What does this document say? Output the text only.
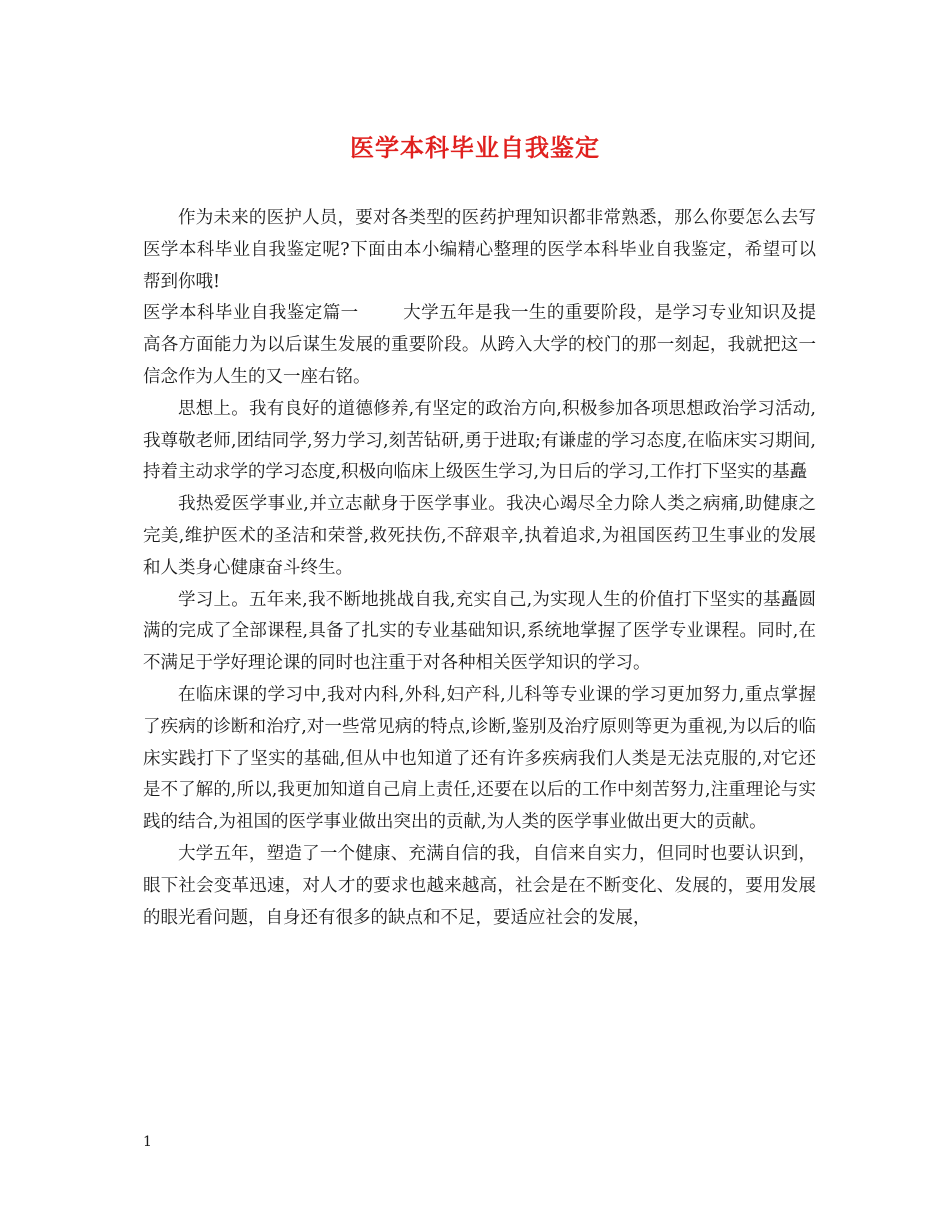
医学本科毕业自我鉴定

作为未来的医护人员，要对各类型的医药护理知识都非常熟悉，那么你要怎么去写医学本科毕业自我鉴定呢?下面由本小编精心整理的医学本科毕业自我鉴定，希望可以帮到你哦!

医学本科毕业自我鉴定篇一	大学五年是我一生的重要阶段，是学习专业知识及提高各方面能力为以后谋生发展的重要阶段。从跨入大学的校门的那一刻起，我就把这一信念作为人生的又一座右铭。

思想上。我有良好的道德修养,有坚定的政治方向,积极参加各项思想政治学习活动,我尊敬老师,团结同学,努力学习,刻苦钻研,勇于进取;有谦虚的学习态度,在临床实习期间,持着主动求学的学习态度,积极向临床上级医生学习,为日后的学习,工作打下坚实的基矗

我热爱医学事业,并立志献身于医学事业。我决心竭尽全力除人类之病痛,助健康之完美,维护医术的圣洁和荣誉,救死扶伤,不辞艰辛,执着追求,为祖国医药卫生事业的发展和人类身心健康奋斗终生。

学习上。五年来,我不断地挑战自我,充实自己,为实现人生的价值打下坚实的基矗圆满的完成了全部课程,具备了扎实的专业基础知识,系统地掌握了医学专业课程。同时,在不满足于学好理论课的同时也注重于对各种相关医学知识的学习。

在临床课的学习中,我对内科,外科,妇产科,儿科等专业课的学习更加努力,重点掌握了疾病的诊断和治疗,对一些常见病的特点,诊断,鉴别及治疗原则等更为重视,为以后的临床实践打下了坚实的基础,但从中也知道了还有许多疾病我们人类是无法克服的,对它还是不了解的,所以,我更加知道自己肩上责任,还要在以后的工作中刻苦努力,注重理论与实践的结合,为祖国的医学事业做出突出的贡献,为人类的医学事业做出更大的贡献。

大学五年，塑造了一个健康、充满自信的我，自信来自实力，但同时也要认识到，眼下社会变革迅速，对人才的要求也越来越高，社会是在不断变化、发展的，要用发展的眼光看问题，自身还有很多的缺点和不足，要适应社会的发展，

1
